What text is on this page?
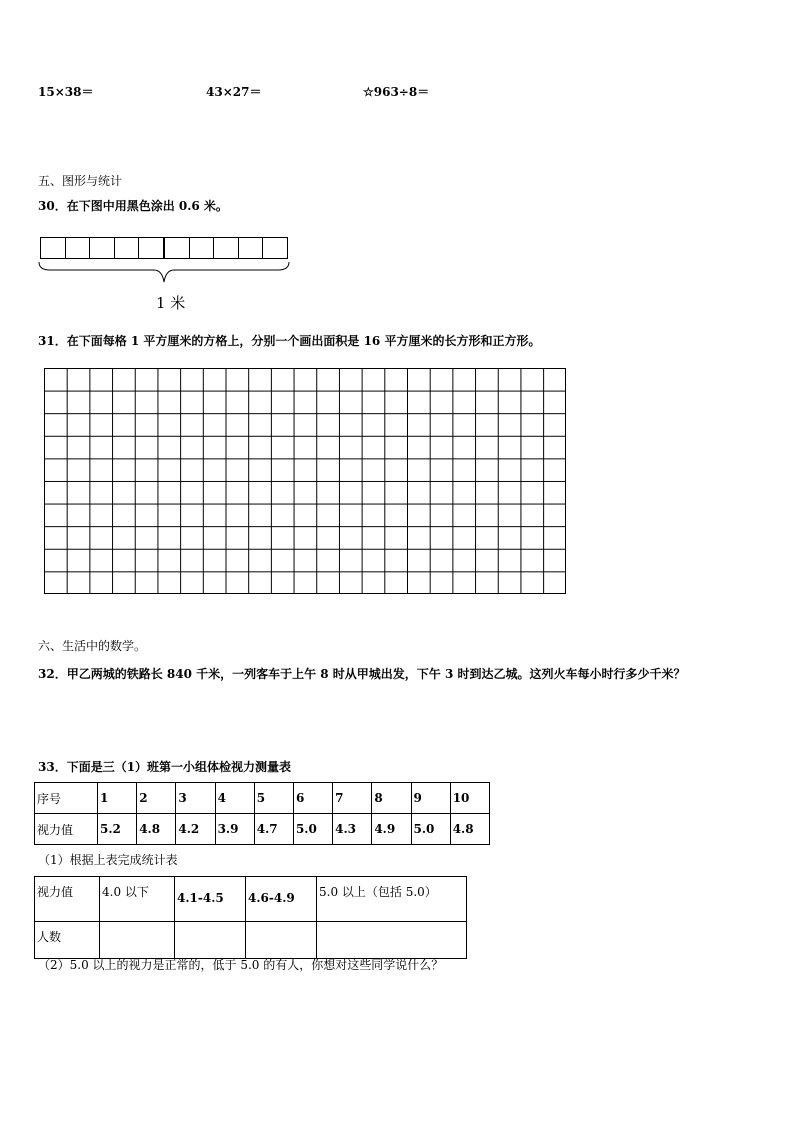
15×38＝	43×27＝	☆963÷8＝
五、图形与统计
30．在下图中用黑色涂出 0.6 米。
1 米
31．在下面每格 1 平方厘米的方格上，分别一个画出面积是 16 平方厘米的长方形和正方形。
六、生活中的数学。
32．甲乙两城的铁路长 840 千米，一列客车于上午 8 时从甲城出发，下午 3 时到达乙城。这列火车每小时行多少千米？
33．下面是三（1）班第一小组体检视力测量表
序号	1	2	3	4	5	6	7	8	9	10
视力值	5.2	4.8	4.2	3.9	4.7	5.0	4.3	4.9	5.0	4.8
（1）根据上表完成统计表
视力值	4.0 以下	4.1-4.5	4.6-4.9	5.0 以上（包括 5.0）
人数				
（2）5.0 以上的视力是正常的，低于 5.0 的有人，你想对这些同学说什么？
